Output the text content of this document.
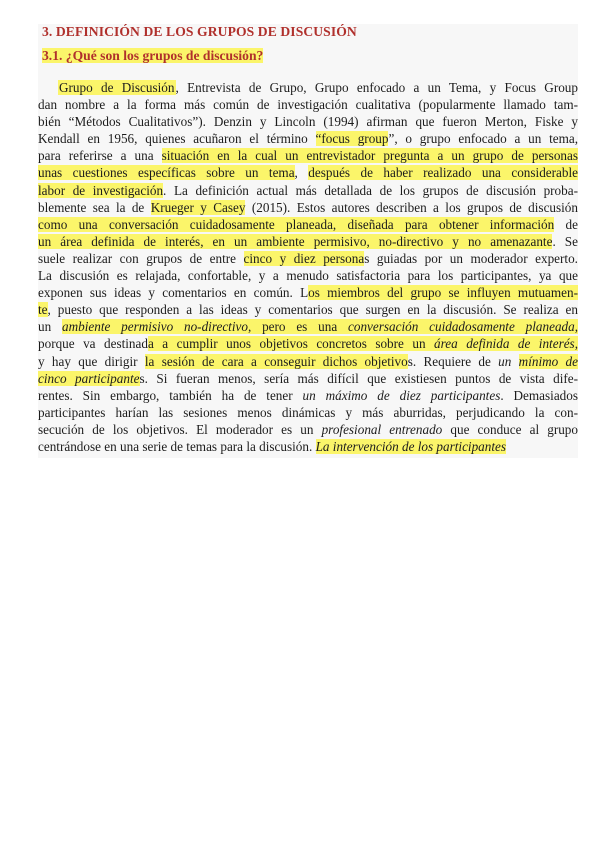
3. DEFINICIÓN DE LOS GRUPOS DE DISCUSIÓN
3.1. ¿Qué son los grupos de discusión?
Grupo de Discusión, Entrevista de Grupo, Grupo enfocado a un Tema, y Focus Group
dan nombre a la forma más común de investigación cualitativa (popularmente llamado tam-
bién “Métodos Cualitativos”). Denzin y Lincoln (1994) afirman que fueron Merton, Fiske y
Kendall en 1956, quienes acuñaron el término “focus group”, o grupo enfocado a un tema,
para referirse a una situación en la cual un entrevistador pregunta a un grupo de personas
unas cuestiones específicas sobre un tema, después de haber realizado una considerable
labor de investigación. La definición actual más detallada de los grupos de discusión proba-
blemente sea la de Krueger y Casey (2015). Estos autores describen a los grupos de discusión
como una conversación cuidadosamente planeada, diseñada para obtener información de
un área definida de interés, en un ambiente permisivo, no-directivo y no amenazante. Se
suele realizar con grupos de entre cinco y diez personas guiadas por un moderador experto.
La discusión es relajada, confortable, y a menudo satisfactoria para los participantes, ya que
exponen sus ideas y comentarios en común. Los miembros del grupo se influyen mutuamen-
te, puesto que responden a las ideas y comentarios que surgen en la discusión. Se realiza en
un ambiente permisivo no-directivo, pero es una conversación cuidadosamente planeada,
porque va destinada a cumplir unos objetivos concretos sobre un área definida de interés,
y hay que dirigir la sesión de cara a conseguir dichos objetivos. Requiere de un mínimo de
cinco participantes. Si fueran menos, sería más difícil que existiesen puntos de vista dife-
rentes. Sin embargo, también ha de tener un máximo de diez participantes. Demasiados
participantes harían las sesiones menos dinámicas y más aburridas, perjudicando la con-
secución de los objetivos. El moderador es un profesional entrenado que conduce al grupo
centrándose en una serie de temas para la discusión. La intervención de los participantes
